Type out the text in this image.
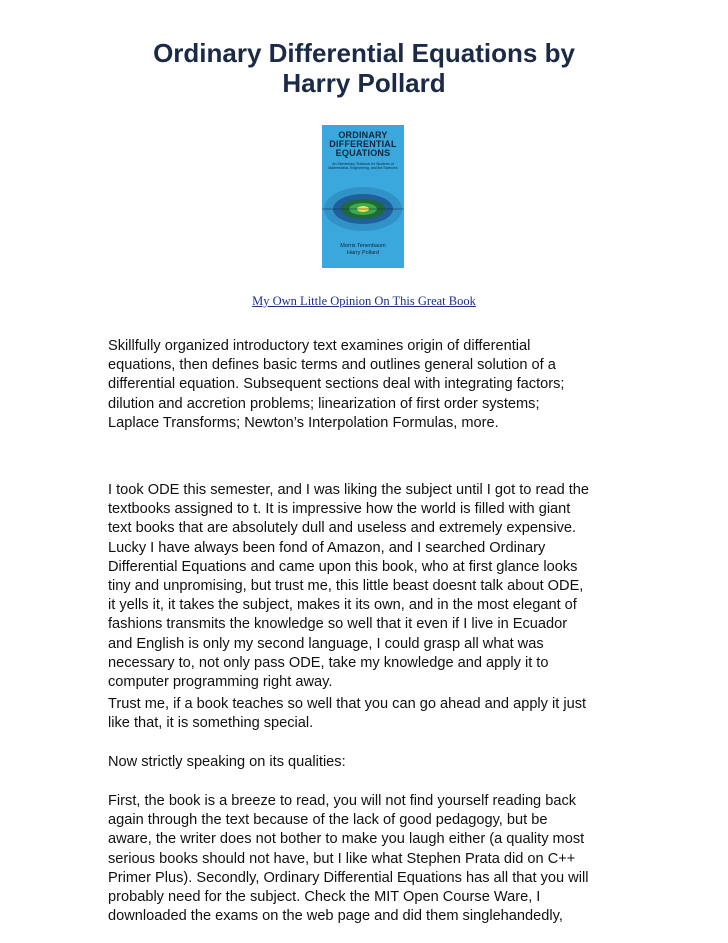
Ordinary Differential Equations by
Harry Pollard
ORDINARY
DIFFERENTIAL
EQUATIONS
An Elementary Textbook for Students of Mathematics, Engineering, and the Sciences
Morris Tenenbaum
Harry Pollard
My Own Little Opinion On This Great Book

Skillfully organized introductory text examines origin of differential
equations, then defines basic terms and outlines general solution of a
differential equation. Subsequent sections deal with integrating factors;
dilution and accretion problems; linearization of first order systems;
Laplace Transforms; Newton’s Interpolation Formulas, more.

I took ODE this semester, and I was liking the subject until I got to read the
textbooks assigned to t. It is impressive how the world is filled with giant
text books that are absolutely dull and useless and extremely expensive.
Lucky I have always been fond of Amazon, and I searched Ordinary
Differential Equations and came upon this book, who at first glance looks
tiny and unpromising, but trust me, this little beast doesnt talk about ODE,
it yells it, it takes the subject, makes it its own, and in the most elegant of
fashions transmits the knowledge so well that it even if I live in Ecuador
and English is only my second language, I could grasp all what was
necessary to, not only pass ODE, take my knowledge and apply it to
computer programming right away.

Trust me, if a book teaches so well that you can go ahead and apply it just
like that, it is something special.

Now strictly speaking on its qualities:

First, the book is a breeze to read, you will not find yourself reading back
again through the text because of the lack of good pedagogy, but be
aware, the writer does not bother to make you laugh either (a quality most
serious books should not have, but I like what Stephen Prata did on C++
Primer Plus). Secondly, Ordinary Differential Equations has all that you will
probably need for the subject. Check the MIT Open Course Ware, I
downloaded the exams on the web page and did them singlehandedly,
